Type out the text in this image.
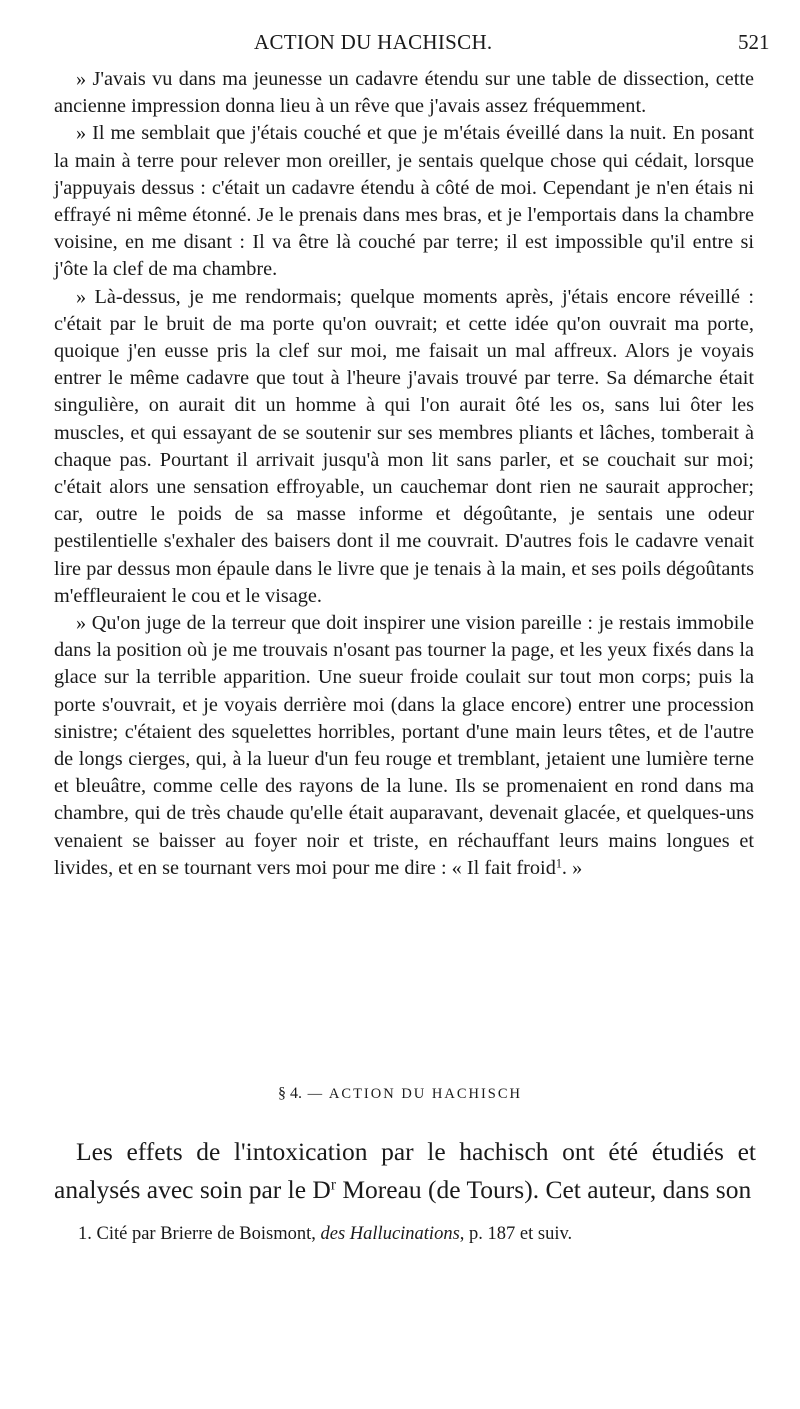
ACTION DU HACHISCH.	521

» J'avais vu dans ma jeunesse un cadavre étendu sur une table de dissection, cette ancienne impression donna lieu à un rêve que j'avais assez fréquemment.

» Il me semblait que j'étais couché et que je m'étais éveillé dans la nuit. En posant la main à terre pour relever mon oreiller, je sentais quelque chose qui cédait, lorsque j'appuyais dessus : c'était un cadavre étendu à côté de moi. Cependant je n'en étais ni effrayé ni même étonné. Je le prenais dans mes bras, et je l'emportais dans la chambre voisine, en me disant : Il va être là couché par terre; il est impossible qu'il entre si j'ôte la clef de ma chambre.

» Là-dessus, je me rendormais; quelque moments après, j'étais encore réveillé : c'était par le bruit de ma porte qu'on ouvrait; et cette idée qu'on ouvrait ma porte, quoique j'en eusse pris la clef sur moi, me faisait un mal affreux. Alors je voyais entrer le même cadavre que tout à l'heure j'avais trouvé par terre. Sa démarche était singulière, on aurait dit un homme à qui l'on aurait ôté les os, sans lui ôter les muscles, et qui essayant de se soutenir sur ses membres pliants et lâches, tomberait à chaque pas. Pourtant il arrivait jusqu'à mon lit sans parler, et se couchait sur moi; c'était alors une sensation effroyable, un cauchemar dont rien ne saurait approcher; car, outre le poids de sa masse informe et dégoûtante, je sentais une odeur pestilentielle s'exhaler des baisers dont il me couvrait. D'autres fois le cadavre venait lire par dessus mon épaule dans le livre que je tenais à la main, et ses poils dégoûtants m'effleuraient le cou et le visage.

» Qu'on juge de la terreur que doit inspirer une vision pareille : je restais immobile dans la position où je me trouvais n'osant pas tourner la page, et les yeux fixés dans la glace sur la terrible apparition. Une sueur froide coulait sur tout mon corps; puis la porte s'ouvrait, et je voyais derrière moi (dans la glace encore) entrer une procession sinistre; c'étaient des squelettes horribles, portant d'une main leurs têtes, et de l'autre de longs cierges, qui, à la lueur d'un feu rouge et tremblant, jetaient une lumière terne et bleuâtre, comme celle des rayons de la lune. Ils se promenaient en rond dans ma chambre, qui de très chaude qu'elle était auparavant, devenait glacée, et quelques-uns venaient se baisser au foyer noir et triste, en réchauffant leurs mains longues et livides, et en se tournant vers moi pour me dire : « Il fait froid$^1$. »

§ 4. — ACTION DU HACHISCH

Les effets de l'intoxication par le hachisch ont été étudiés et analysés avec soin par le $D^r$ Moreau (de Tours). Cet auteur, dans son

1. Cité par Brierre de Boismont, des Hallucinations, p. 187 et suiv.
